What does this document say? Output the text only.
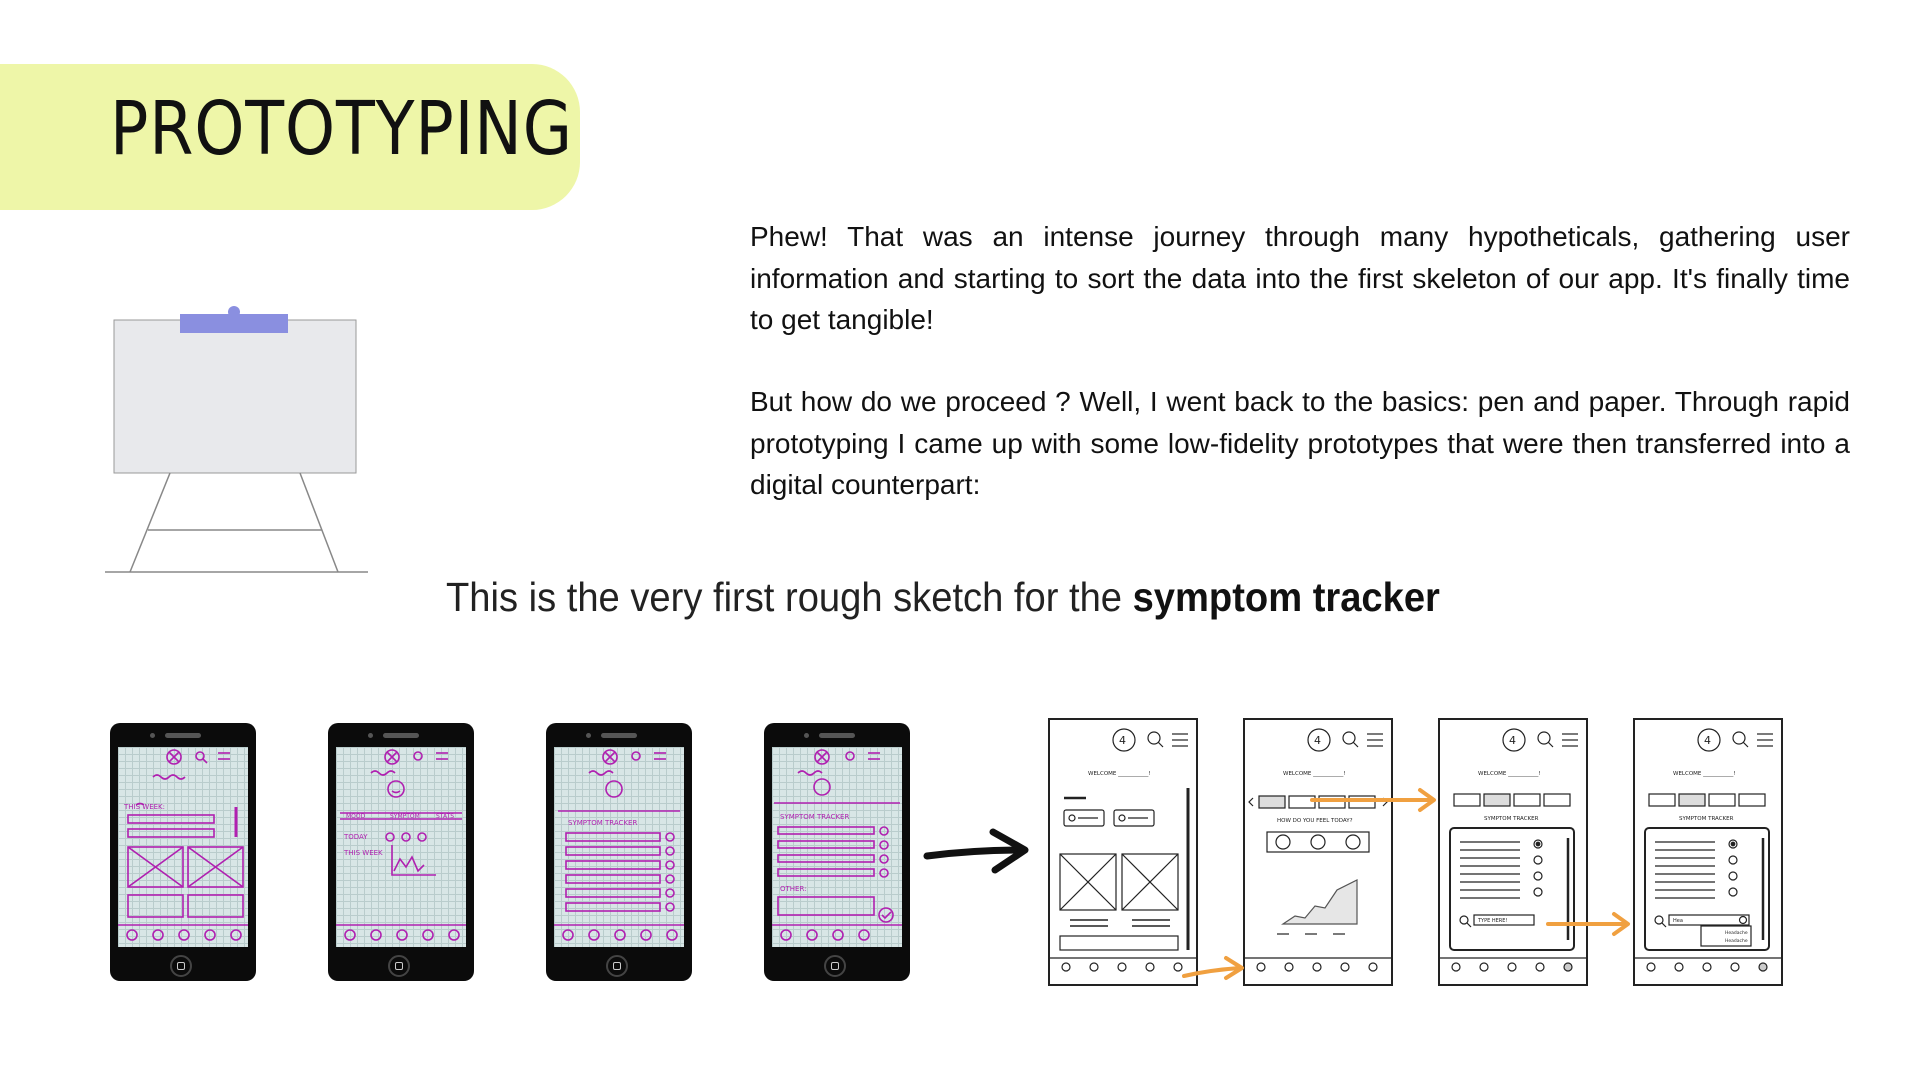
PROTOTYPING

Phew! That was an intense journey through many hypotheticals, gathering user information and starting to sort the data into the first skeleton of our app. It's finally time to get tangible!

But how do we proceed ? Well, I went back to the basics: pen and paper. Through rapid prototyping I came up with some low-fidelity prototypes that were then transferred into a digital counterpart:

This is the very first rough sketch for the symptom tracker
THIS WEEK:
MOOD	SYMPTOM	STATS
TODAY
THIS WEEK
SYMPTOM TRACKER
SYMPTOM TRACKER
OTHER:
4
WELCOME ___________!
4
WELCOME ___________!
HOW DO YOU FEEL TODAY?
4
WELCOME ___________!
SYMPTOM TRACKER
TYPE HERE!
4
WELCOME ___________!
SYMPTOM TRACKER
Hea
Headache
Headache
